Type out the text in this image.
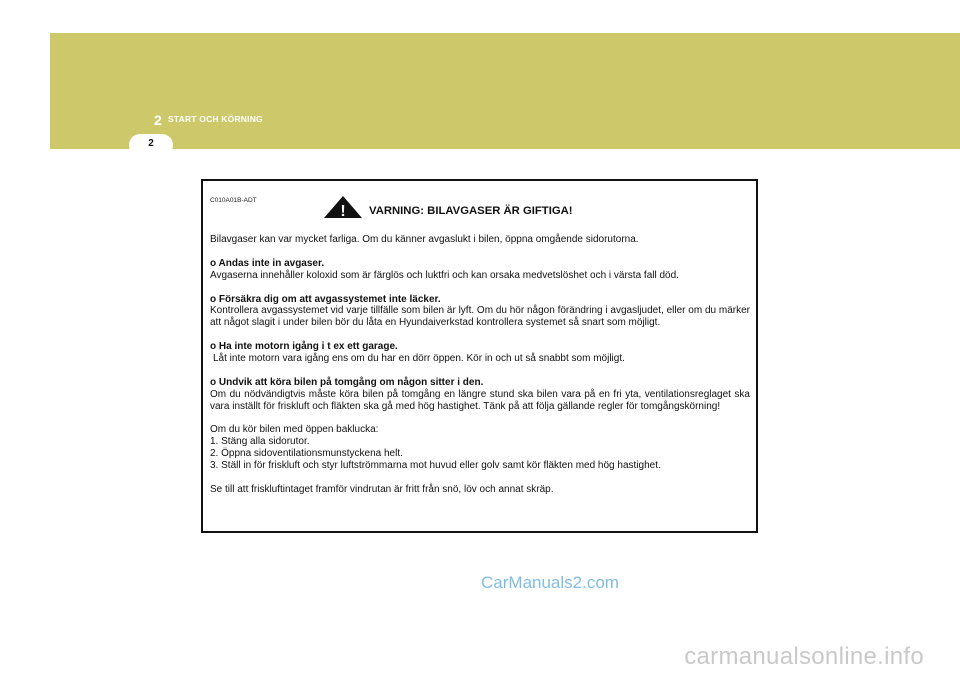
2 START OCH KÖRNING
2
C010A01B-ADT
! VARNING: BILAVGASER ÄR GIFTIGA!

Bilavgaser kan var mycket farliga. Om du känner avgaslukt i bilen, öppna omgående sidorutorna.

o Andas inte in avgaser.
Avgaserna innehåller koloxid som är färglös och luktfri och kan orsaka medvetslöshet och i värsta fall död.

o Försäkra dig om att avgassystemet inte läcker.
Kontrollera avgassystemet vid varje tillfälle som bilen är lyft. Om du hör någon förändring i avgasljudet, eller om du märker att något slagit i under bilen bör du låta en Hyundaiverkstad kontrollera systemet så snart som möjligt.

o Ha inte motorn igång i t ex ett garage.
Låt inte motorn vara igång ens om du har en dörr öppen. Kör in och ut så snabbt som möjligt.

o Undvik att köra bilen på tomgång om någon sitter i den.
Om du nödvändigtvis måste köra bilen på tomgång en längre stund ska bilen vara på en fri yta, ventilationsreglaget ska vara inställt för friskluft och fläkten ska gå med hög hastighet. Tänk på att följa gällande regler för tomgångskörning!

Om du kör bilen med öppen baklucka:
1. Stäng alla sidorutor.
2. Öppna sidoventilationsmunstyckena helt.
3. Ställ in för friskluft och styr luftströmmarna mot huvud eller golv samt kör fläkten med hög hastighet.

Se till att friskluftintaget framför vindrutan är fritt från snö, löv och annat skräp.

CarManuals2.com
carmanualsonline.info
